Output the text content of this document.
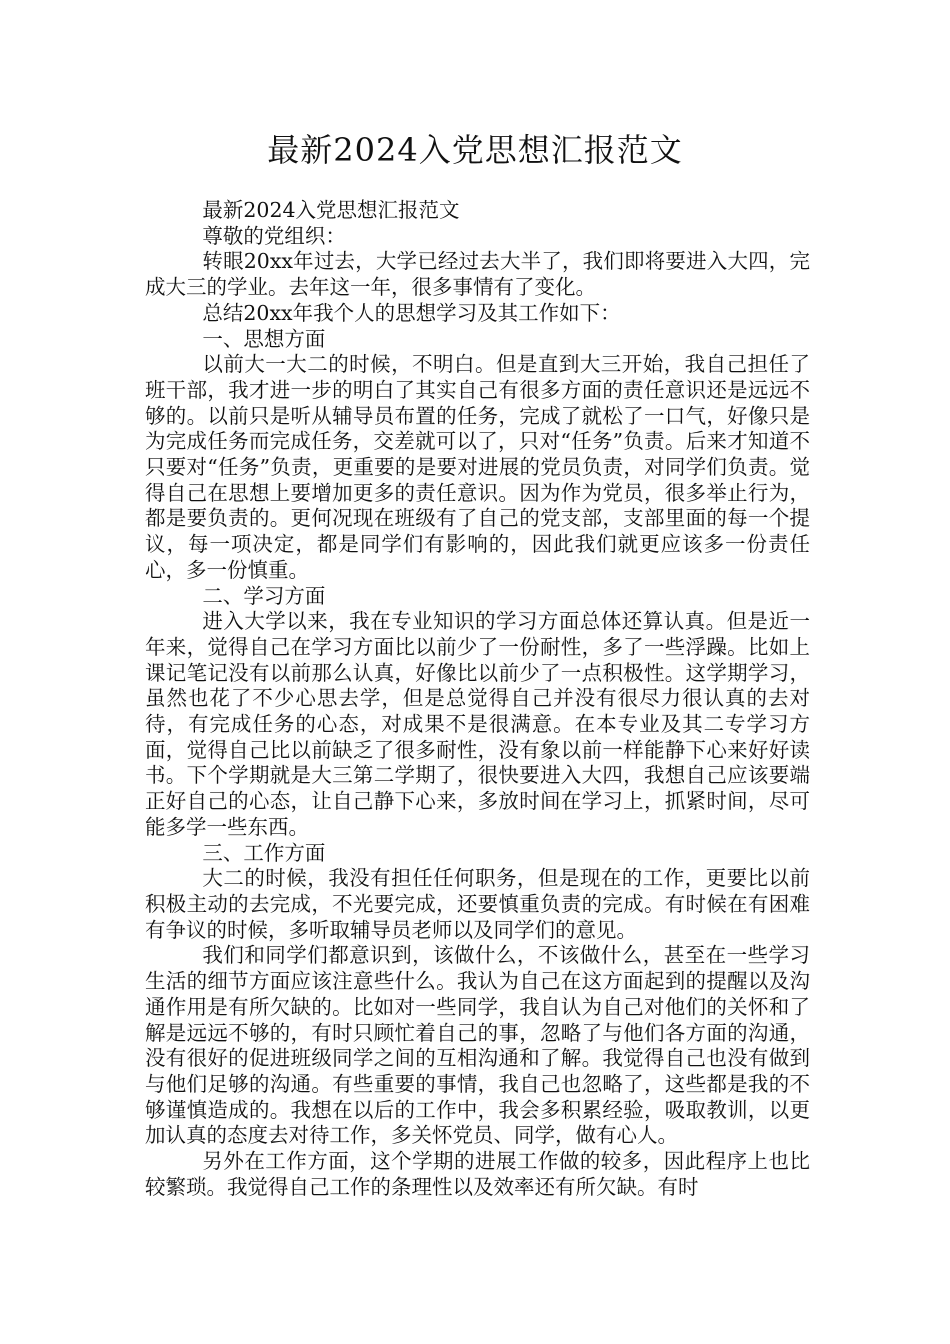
最新2024入党思想汇报范文

最新2024入党思想汇报范文

尊敬的党组织：

转眼20xx年过去，大学已经过去大半了，我们即将要进入大四，完成大三的学业。去年这一年，很多事情有了变化。

总结20xx年我个人的思想学习及其工作如下：

一、思想方面

以前大一大二的时候，不明白。但是直到大三开始，我自己担任了班干部，我才进一步的明白了其实自己有很多方面的责任意识还是远远不够的。以前只是听从辅导员布置的任务，完成了就松了一口气，好像只是为完成任务而完成任务，交差就可以了，只对“任务”负责。后来才知道不只要对“任务”负责，更重要的是要对进展的党员负责，对同学们负责。觉得自己在思想上要增加更多的责任意识。因为作为党员，很多举止行为，都是要负责的。更何况现在班级有了自己的党支部，支部里面的每一个提议，每一项决定，都是同学们有影响的，因此我们就更应该多一份责任心，多一份慎重。

二、学习方面

进入大学以来，我在专业知识的学习方面总体还算认真。但是近一年来，觉得自己在学习方面比以前少了一份耐性，多了一些浮躁。比如上课记笔记没有以前那么认真，好像比以前少了一点积极性。这学期学习，虽然也花了不少心思去学，但是总觉得自己并没有很尽力很认真的去对待，有完成任务的心态，对成果不是很满意。在本专业及其二专学习方面，觉得自己比以前缺乏了很多耐性，没有象以前一样能静下心来好好读书。下个学期就是大三第二学期了，很快要进入大四，我想自己应该要端正好自己的心态，让自己静下心来，多放时间在学习上，抓紧时间，尽可能多学一些东西。

三、工作方面

大二的时候，我没有担任任何职务，但是现在的工作，更要比以前积极主动的去完成，不光要完成，还要慎重负责的完成。有时候在有困难有争议的时候，多听取辅导员老师以及同学们的意见。

我们和同学们都意识到，该做什么，不该做什么，甚至在一些学习生活的细节方面应该注意些什么。我认为自己在这方面起到的提醒以及沟通作用是有所欠缺的。比如对一些同学，我自认为自己对他们的关怀和了解是远远不够的，有时只顾忙着自己的事，忽略了与他们各方面的沟通，没有很好的促进班级同学之间的互相沟通和了解。我觉得自己也没有做到与他们足够的沟通。有些重要的事情，我自己也忽略了，这些都是我的不够谨慎造成的。我想在以后的工作中，我会多积累经验，吸取教训，以更加认真的态度去对待工作，多关怀党员、同学，做有心人。

另外在工作方面，这个学期的进展工作做的较多，因此程序上也比较繁琐。我觉得自己工作的条理性以及效率还有所欠缺。有时
